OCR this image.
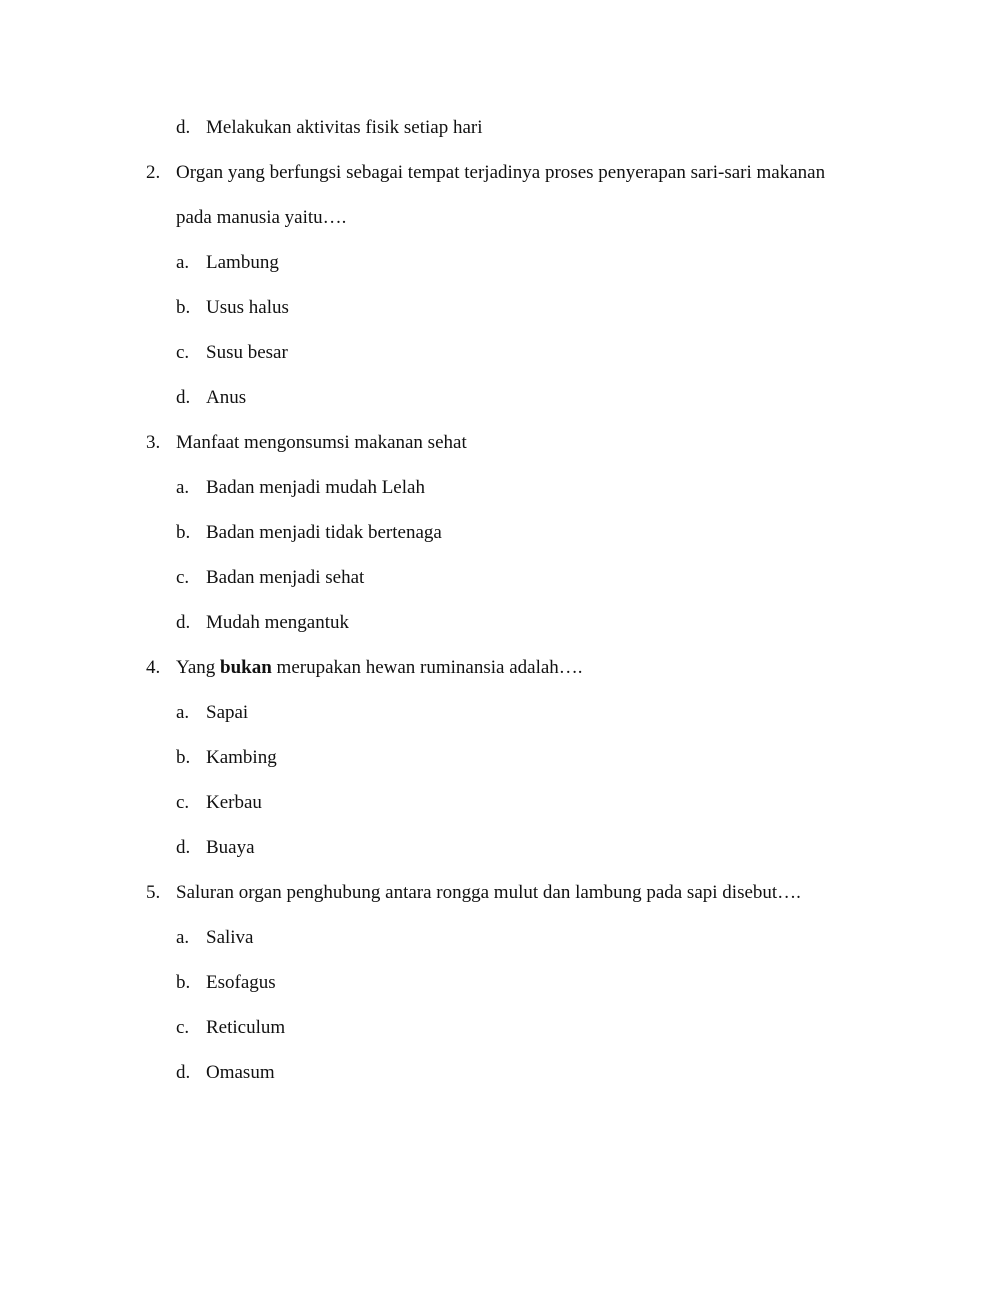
d. Melakukan aktivitas fisik setiap hari
2. Organ yang berfungsi sebagai tempat terjadinya proses penyerapan sari-sari makanan
pada manusia yaitu….
a. Lambung
b. Usus halus
c. Susu besar
d. Anus
3. Manfaat mengonsumsi makanan sehat
a. Badan menjadi mudah Lelah
b. Badan menjadi tidak bertenaga
c. Badan menjadi sehat
d. Mudah mengantuk
4. Yang bukan merupakan hewan ruminansia adalah….
a. Sapai
b. Kambing
c. Kerbau
d. Buaya
5. Saluran organ penghubung antara rongga mulut dan lambung pada sapi disebut….
a. Saliva
b. Esofagus
c. Reticulum
d. Omasum
